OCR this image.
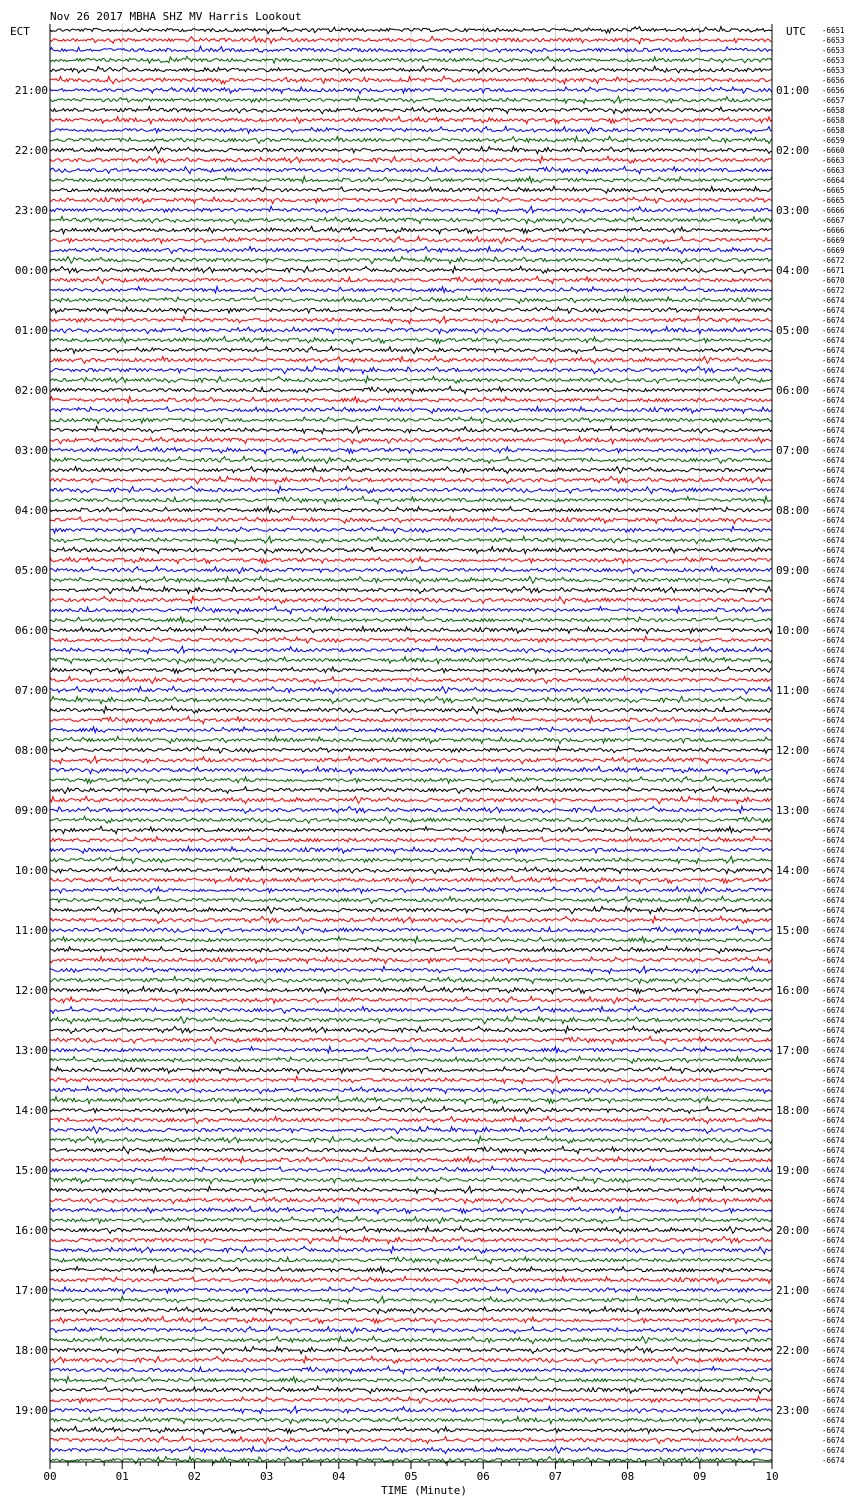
Nov 26 2017 MBHA SHZ MV Harris Lookout
ECT	UTC
TIME (Minute)
21:00
22:00
23:00
00:00
01:00
02:00
03:00
04:00
05:00
06:00
07:00
08:00
09:00
10:00
11:00
12:00
13:00
14:00
15:00
16:00
17:00
18:00
19:00
01:00
02:00
03:00
04:00
05:00
06:00
07:00
08:00
09:00
10:00
11:00
12:00
13:00
14:00
15:00
16:00
17:00
18:00
19:00
20:00
21:00
22:00
23:00
-6651
-6653
-6653
-6653
-6653
-6656
-6656
-6657
-6658
-6658
-6658
-6659
-6660
-6663
-6663
-6664
-6665
-6665
-6666
-6667
-6666
-6669
-6669
-6672
-6671
-6670
-6672
-6674
-6674
-6674
-6674
-6674
-6674
-6674
-6674
-6674
-6674
-6674
-6674
-6674
-6674
-6674
-6674
-6674
-6674
-6674
-6674
-6674
-6674
-6674
-6674
-6674
-6674
-6674
-6674
-6674
-6674
-6674
-6674
-6674
-6674
-6674
-6674
-6674
-6674
-6674
-6674
-6674
-6674
-6674
-6674
-6674
-6674
-6674
-6674
-6674
-6674
-6674
-6674
-6674
-6674
-6674
-6674
-6674
-6674
-6674
-6674
-6674
-6674
-6674
-6674
-6674
-6674
-6674
-6674
-6674
-6674
-6674
-6674
-6674
-6674
-6674
-6674
-6674
-6674
-6674
-6674
-6674
-6674
-6674
-6674
-6674
-6674
-6674
-6674
-6674
-6674
-6674
-6674
-6674
-6674
-6674
-6674
-6674
-6674
-6674
-6674
-6674
-6674
-6674
-6674
-6674
-6674
-6674
-6674
-6674
-6674
-6674
-6674
-6674
-6674
-6674
-6674
-6674
00	01	02	03	04	05	06	07	08	09	10
